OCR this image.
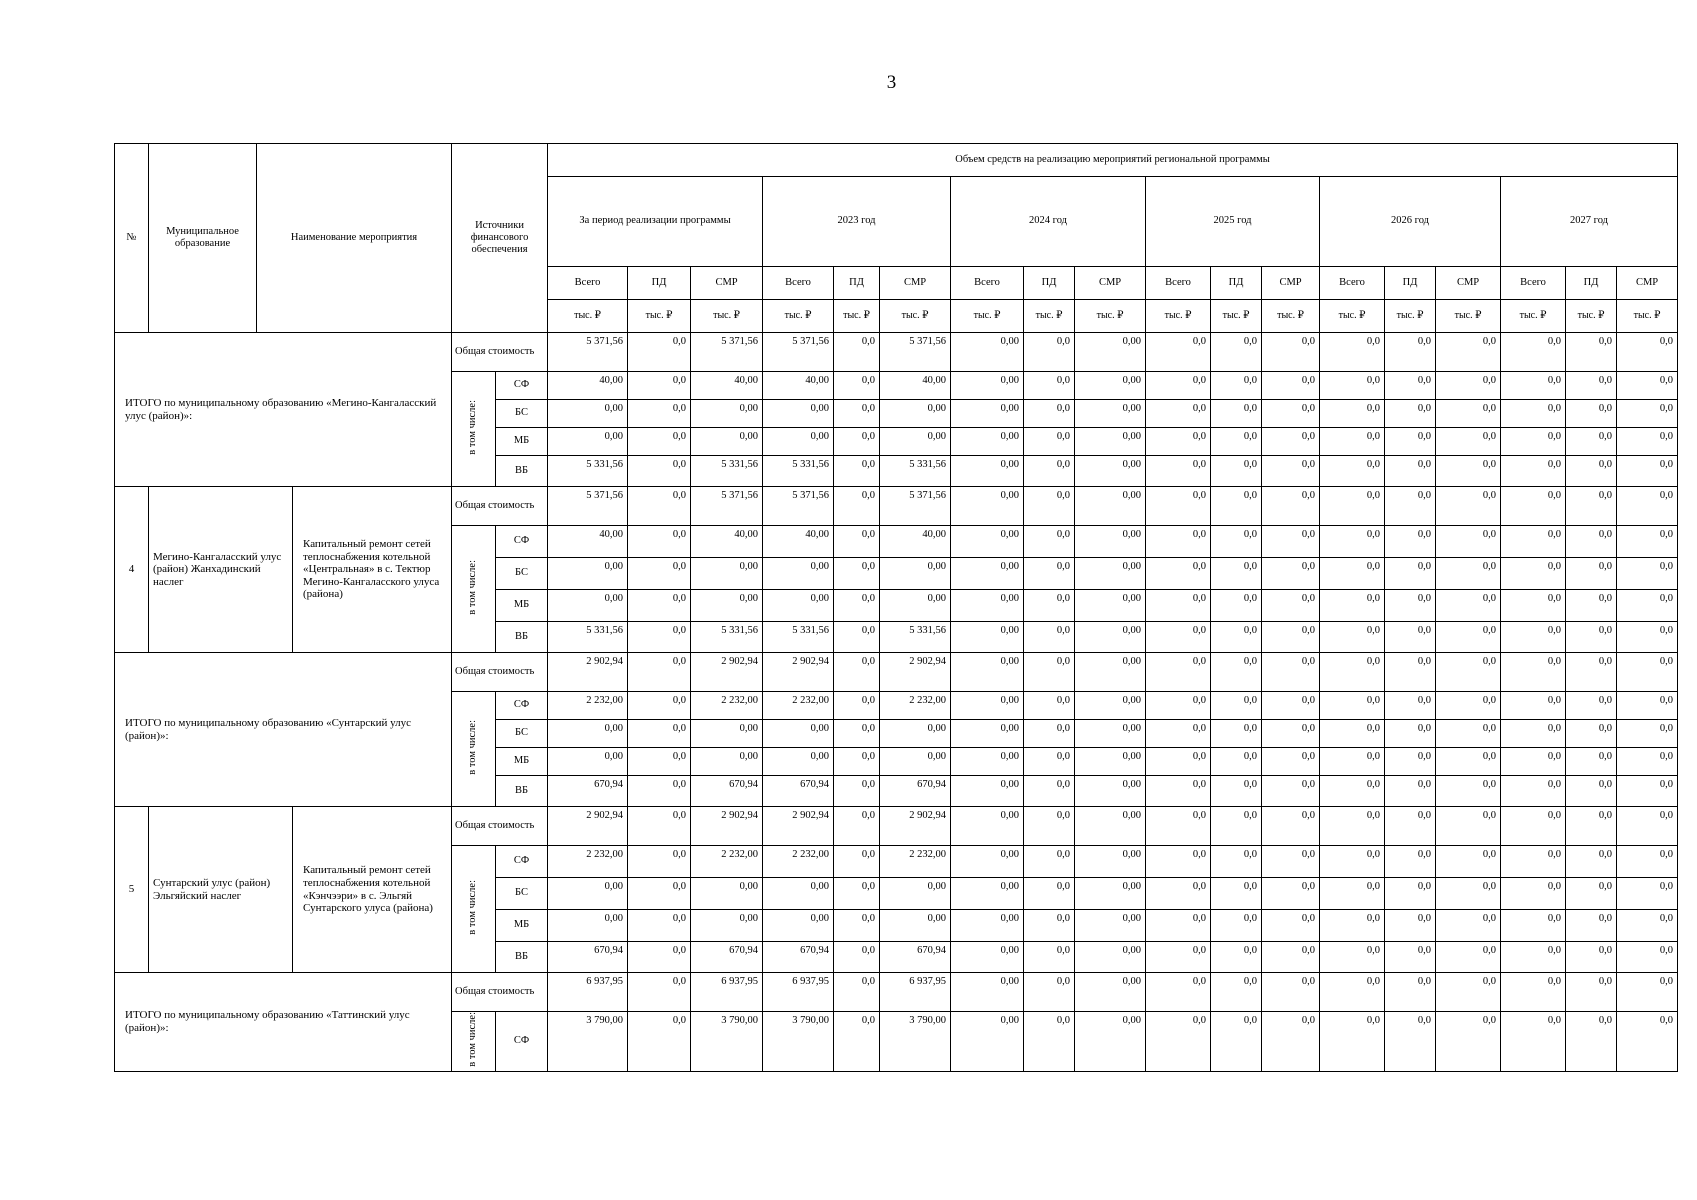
3
№	Муниципальное образование	Наименование мероприятия		Источники финансового обеспечения		Объем средств на реализацию мероприятий региональной программы																	
						За период реализации программы			2023 год			2024 год			2025 год			2026 год			2027 год		
						Всего	ПД	СМР	Всего	ПД	СМР	Всего	ПД	СМР	Всего	ПД	СМР	Всего	ПД	СМР	Всего	ПД	СМР
						тыс. ₽	тыс. ₽	тыс. ₽	тыс. ₽	тыс. ₽	тыс. ₽	тыс. ₽	тыс. ₽	тыс. ₽	тыс. ₽	тыс. ₽	тыс. ₽	тыс. ₽	тыс. ₽	тыс. ₽	тыс. ₽	тыс. ₽	тыс. ₽
ИТОГО по муниципальному образованию «Мегино-Кангаласский улус (район)»:				Общая стоимость		5 371,56	0,0	5 371,56	5 371,56	0,0	5 371,56	0,00	0,0	0,00	0,0	0,0	0,0	0,0	0,0	0,0	0,0	0,0	0,0
				в том числе:	СФ	40,00	0,0	40,00	40,00	0,0	40,00	0,00	0,0	0,00	0,0	0,0	0,0	0,0	0,0	0,0	0,0	0,0	0,0
					БС	0,00	0,0	0,00	0,00	0,0	0,00	0,00	0,0	0,00	0,0	0,0	0,0	0,0	0,0	0,0	0,0	0,0	0,0
					МБ	0,00	0,0	0,00	0,00	0,0	0,00	0,00	0,0	0,00	0,0	0,0	0,0	0,0	0,0	0,0	0,0	0,0	0,0
					ВБ	5 331,56	0,0	5 331,56	5 331,56	0,0	5 331,56	0,00	0,0	0,00	0,0	0,0	0,0	0,0	0,0	0,0	0,0	0,0	0,0
4	Мегино-Кангаласский улус (район) Жанхадинский наслег		Капитальный ремонт сетей теплоснабжения котельной «Центральная» в с. Тектюр Мегино-Кангаласского улуса (района)	Общая стоимость		5 371,56	0,0	5 371,56	5 371,56	0,0	5 371,56	0,00	0,0	0,00	0,0	0,0	0,0	0,0	0,0	0,0	0,0	0,0	0,0
				в том числе:	СФ	40,00	0,0	40,00	40,00	0,0	40,00	0,00	0,0	0,00	0,0	0,0	0,0	0,0	0,0	0,0	0,0	0,0	0,0
					БС	0,00	0,0	0,00	0,00	0,0	0,00	0,00	0,0	0,00	0,0	0,0	0,0	0,0	0,0	0,0	0,0	0,0	0,0
					МБ	0,00	0,0	0,00	0,00	0,0	0,00	0,00	0,0	0,00	0,0	0,0	0,0	0,0	0,0	0,0	0,0	0,0	0,0
					ВБ	5 331,56	0,0	5 331,56	5 331,56	0,0	5 331,56	0,00	0,0	0,00	0,0	0,0	0,0	0,0	0,0	0,0	0,0	0,0	0,0
ИТОГО по муниципальному образованию «Сунтарский улус (район)»:				Общая стоимость		2 902,94	0,0	2 902,94	2 902,94	0,0	2 902,94	0,00	0,0	0,00	0,0	0,0	0,0	0,0	0,0	0,0	0,0	0,0	0,0
				в том числе:	СФ	2 232,00	0,0	2 232,00	2 232,00	0,0	2 232,00	0,00	0,0	0,00	0,0	0,0	0,0	0,0	0,0	0,0	0,0	0,0	0,0
					БС	0,00	0,0	0,00	0,00	0,0	0,00	0,00	0,0	0,00	0,0	0,0	0,0	0,0	0,0	0,0	0,0	0,0	0,0
					МБ	0,00	0,0	0,00	0,00	0,0	0,00	0,00	0,0	0,00	0,0	0,0	0,0	0,0	0,0	0,0	0,0	0,0	0,0
					ВБ	670,94	0,0	670,94	670,94	0,0	670,94	0,00	0,0	0,00	0,0	0,0	0,0	0,0	0,0	0,0	0,0	0,0	0,0
5	Сунтарский улус (район) Эльгяйский наслег		Капитальный ремонт сетей теплоснабжения котельной «Кэнчээри» в с. Эльгяй Сунтарского улуса (района)	Общая стоимость		2 902,94	0,0	2 902,94	2 902,94	0,0	2 902,94	0,00	0,0	0,00	0,0	0,0	0,0	0,0	0,0	0,0	0,0	0,0	0,0
				в том числе:	СФ	2 232,00	0,0	2 232,00	2 232,00	0,0	2 232,00	0,00	0,0	0,00	0,0	0,0	0,0	0,0	0,0	0,0	0,0	0,0	0,0
					БС	0,00	0,0	0,00	0,00	0,0	0,00	0,00	0,0	0,00	0,0	0,0	0,0	0,0	0,0	0,0	0,0	0,0	0,0
					МБ	0,00	0,0	0,00	0,00	0,0	0,00	0,00	0,0	0,00	0,0	0,0	0,0	0,0	0,0	0,0	0,0	0,0	0,0
					ВБ	670,94	0,0	670,94	670,94	0,0	670,94	0,00	0,0	0,00	0,0	0,0	0,0	0,0	0,0	0,0	0,0	0,0	0,0
ИТОГО по муниципальному образованию «Таттинский улус (район)»:				Общая стоимость		6 937,95	0,0	6 937,95	6 937,95	0,0	6 937,95	0,00	0,0	0,00	0,0	0,0	0,0	0,0	0,0	0,0	0,0	0,0	0,0
				в том числе:	СФ	3 790,00	0,0	3 790,00	3 790,00	0,0	3 790,00	0,00	0,0	0,00	0,0	0,0	0,0	0,0	0,0	0,0	0,0	0,0	0,0
